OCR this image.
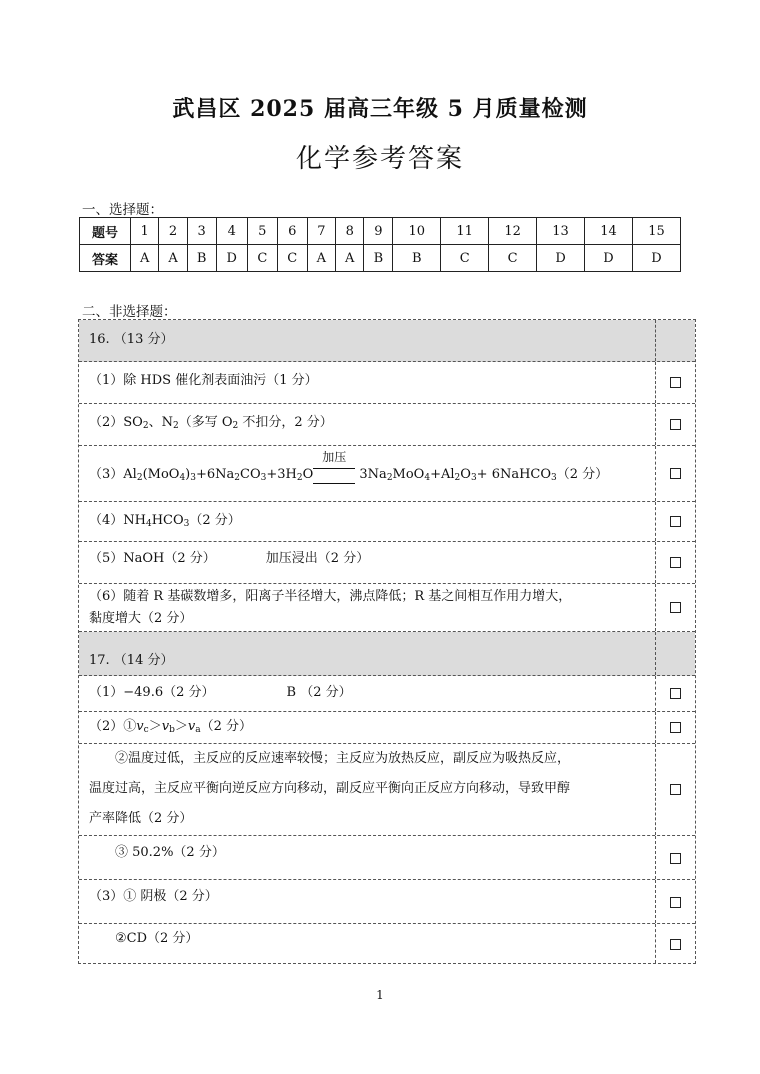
武昌区 2025 届高三年级 5 月质量检测
化学参考答案
一、选择题：
题号	1	2	3	4	5	6	7	8	9	10	11	12	13	14	15
答案	A	A	B	D	C	C	A	A	B	B	C	C	D	D	D
二、非选择题：
16. （13 分）
（1）除 HDS 催化剂表面油污（1 分）
$(2)SO_2$、$N_2$（多写 $O_2$ 不扣分，2 分）
$(3)Al_2(MoO_4)_3+6Na_2CO_3+3H_2O$
加压
$3Na_2MoO_4+Al_2O_3+$ 6NaHCO$_3$（2 分）
$(4)NH_4HCO_3(2$ 分）
（5）NaOH（2 分）	加压浸出（2 分）
（6）随着 R 基碳数增多，阳离子半径增大，沸点降低；R 基之间相互作用力增大，
黏度增大（2 分）
17. （14 分）
（1）−49.6（2 分）	B （2 分）
$(2)①v_c>v_b>v_a(2$ 分）
②温度过低，主反应的反应速率较慢；主反应为放热反应，副反应为吸热反应，
温度过高，主反应平衡向逆反应方向移动，副反应平衡向正反应方向移动，导致甲醇
产率降低（2 分）
③ 50.2%（2 分）
（3）① 阴极（2 分）
②CD（2 分）
1
